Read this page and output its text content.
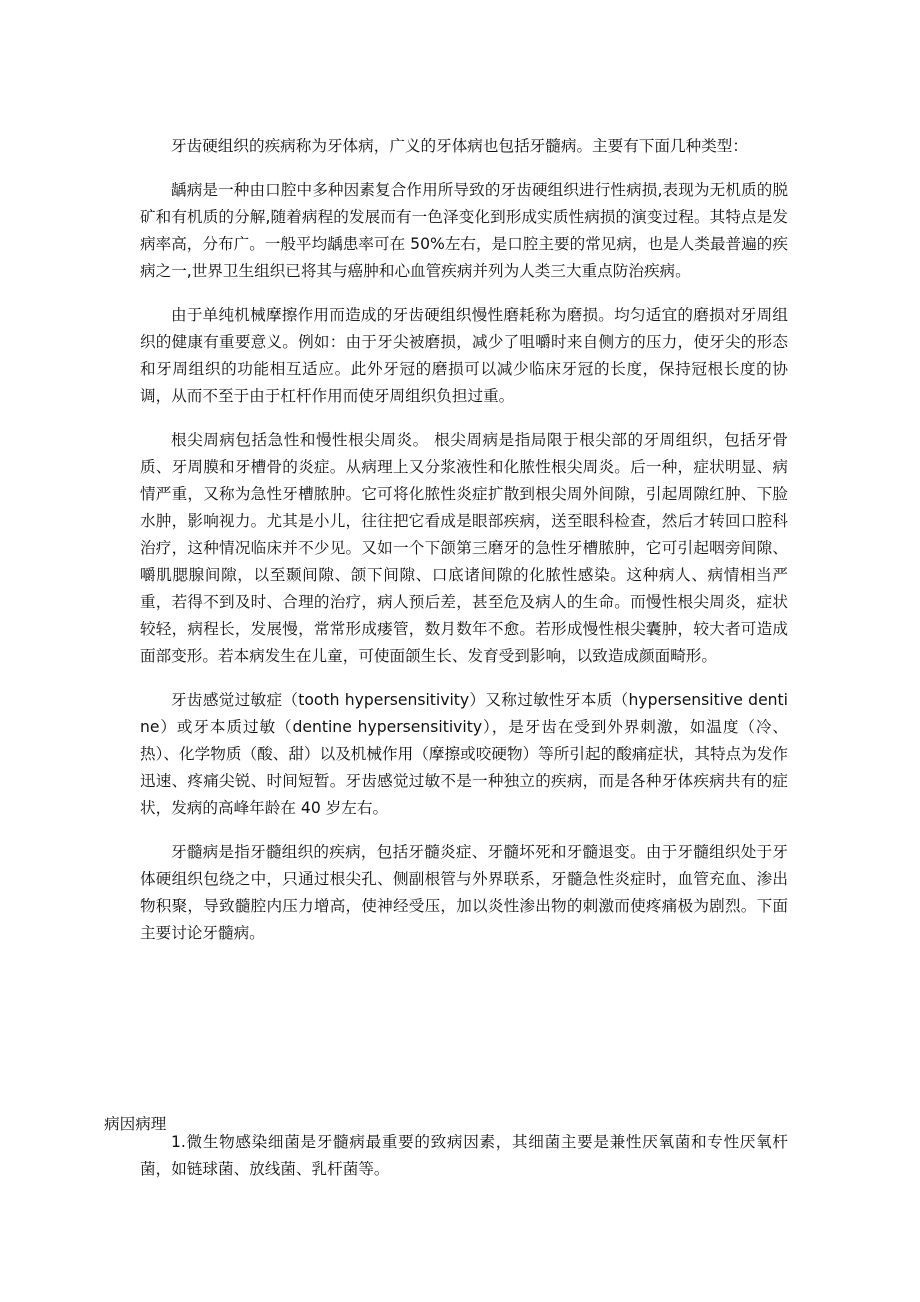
牙齿硬组织的疾病称为牙体病，广义的牙体病也包括牙髓病。主要有下面几种类型：

龋病是一种由口腔中多种因素复合作用所导致的牙齿硬组织进行性病损,表现为无机质的脱矿和有机质的分解,随着病程的发展而有一色泽变化到形成实质性病损的演变过程。其特点是发病率高，分布广。一般平均龋患率可在 50%左右，是口腔主要的常见病，也是人类最普遍的疾病之一,世界卫生组织已将其与癌肿和心血管疾病并列为人类三大重点防治疾病。

由于单纯机械摩擦作用而造成的牙齿硬组织慢性磨耗称为磨损。均匀适宜的磨损对牙周组织的健康有重要意义。例如：由于牙尖被磨损，减少了咀嚼时来自侧方的压力，使牙尖的形态和牙周组织的功能相互适应。此外牙冠的磨损可以减少临床牙冠的长度，保持冠根长度的协调，从而不至于由于杠杆作用而使牙周组织负担过重。

根尖周病包括急性和慢性根尖周炎。 根尖周病是指局限于根尖部的牙周组织，包括牙骨质、牙周膜和牙槽骨的炎症。从病理上又分浆液性和化脓性根尖周炎。后一种，症状明显、病情严重，又称为急性牙槽脓肿。它可将化脓性炎症扩散到根尖周外间隙，引起周隙红肿、下脸水肿，影响视力。尤其是小儿，往往把它看成是眼部疾病，送至眼科检查，然后才转回口腔科治疗，这种情况临床并不少见。又如一个下颌第三磨牙的急性牙槽脓肿，它可引起咽旁间隙、嚼肌腮腺间隙，以至颞间隙、颌下间隙、口底诸间隙的化脓性感染。这种病人、病情相当严重，若得不到及时、合理的治疗，病人预后差，甚至危及病人的生命。而慢性根尖周炎，症状较轻，病程长，发展慢，常常形成瘘管，数月数年不愈。若形成慢性根尖囊肿，较大者可造成面部变形。若本病发生在儿童，可使面颌生长、发育受到影响，以致造成颜面畸形。

牙齿感觉过敏症（tooth hypersensitivity）又称过敏性牙本质（hypersensitive dentine）或牙本质过敏（dentine hypersensitivity），是牙齿在受到外界刺激，如温度（冷、热）、化学物质（酸、甜）以及机械作用（摩擦或咬硬物）等所引起的酸痛症状，其特点为发作迅速、疼痛尖锐、时间短暂。牙齿感觉过敏不是一种独立的疾病，而是各种牙体疾病共有的症状，发病的高峰年龄在 40 岁左右。

牙髓病是指牙髓组织的疾病，包括牙髓炎症、牙髓坏死和牙髓退变。由于牙髓组织处于牙体硬组织包绕之中，只通过根尖孔、侧副根管与外界联系，牙髓急性炎症时，血管充血、渗出物积聚，导致髓腔内压力增高，使神经受压，加以炎性渗出物的刺激而使疼痛极为剧烈。下面主要讨论牙髓病。

病因病理

1.微生物感染细菌是牙髓病最重要的致病因素，其细菌主要是兼性厌氧菌和专性厌氧杆菌，如链球菌、放线菌、乳杆菌等。
